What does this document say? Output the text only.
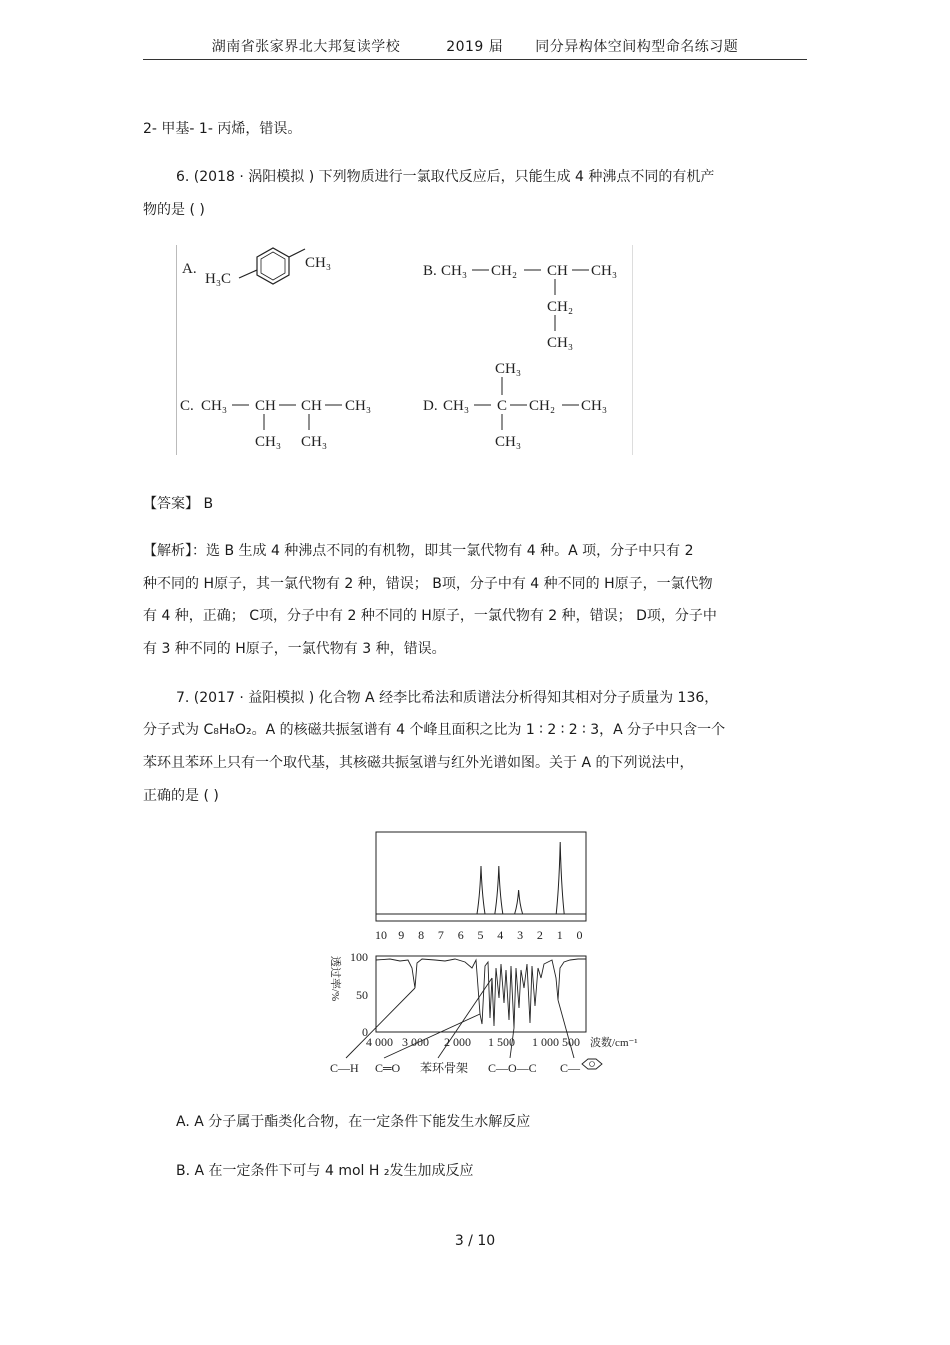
湖南省张家界北大邦复读学校	2019 届 同分异构体空间构型命名练习题
2- 甲基- 1- 丙烯，错误。
6. (2018 · 涡阳模拟 ) 下列物质进行一氯取代反应后，只能生成 4 种沸点不同的有机产
物的是 ( )
A.
H₃C
CH₃	B. CH₃ CH₂ CH CH₃
CH₂
CH₃
C. CH₃ CH CH CH₃
CH₃ CH₃
D. CH₃ C CH₂ CH₃
CH₃
CH₃
【答案】 B
【解析】：选 B 生成 4 种沸点不同的有机物，即其一氯代物有 4 种。A 项，分子中只有 2
种不同的 H原子，其一氯代物有 2 种，错误； B项，分子中有 4 种不同的 H原子，一氯代物
有 4 种，正确； C项，分子中有 2 种不同的 H原子，一氯代物有 2 种，错误； D项，分子中
有 3 种不同的 H原子，一氯代物有 3 种，错误。
7. (2017 · 益阳模拟 ) 化合物 A 经李比希法和质谱法分析得知其相对分子质量为 136，
分子式为 C₈H₈O₂。A 的核磁共振氢谱有 4 个峰且面积之比为 1 ∶ 2 ∶ 2 ∶ 3，A 分子中只含一个
苯环且苯环上只有一个取代基，其核磁共振氢谱与红外光谱如图。关于 A 的下列说法中，
正确的是 ( )
10 9 8 7 6 5 4 3 2 1 0
透过率/% 100
50
0
4 000 3 000 2 000 1 500 1 000 500 波数/cm⁻¹
C—H C═O 苯环骨架 C—O—C C—
A. A 分子属于酯类化合物，在一定条件下能发生水解反应
B. A 在一定条件下可与 4 mol H ₂发生加成反应
3 / 10
